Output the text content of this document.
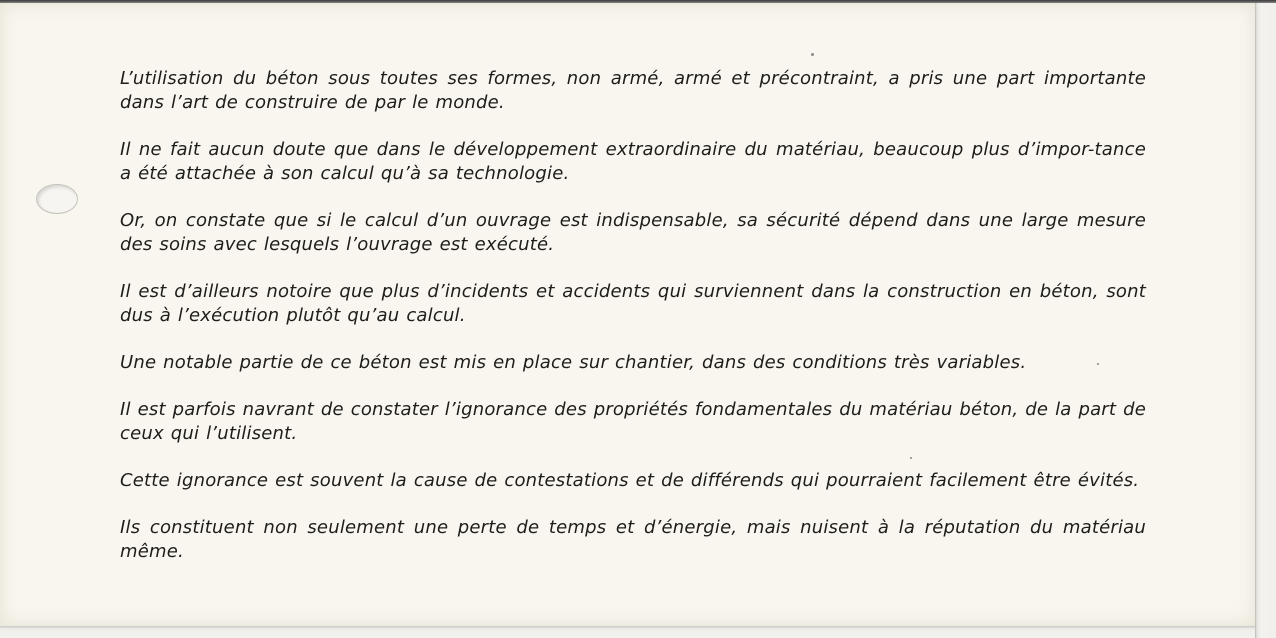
L’utilisation du béton sous toutes ses formes, non armé, armé et précontraint, a pris une part importante dans l’art de construire de par le monde.

Il ne fait aucun doute que dans le développement extraordinaire du matériau, beaucoup plus d’impor-tance a été attachée à son calcul qu’à sa technologie.

Or, on constate que si le calcul d’un ouvrage est indispensable, sa sécurité dépend dans une large mesure des soins avec lesquels l’ouvrage est exécuté.

Il est d’ailleurs notoire que plus d’incidents et accidents qui surviennent dans la construction en béton, sont dus à l’exécution plutôt qu’au calcul.

Une notable partie de ce béton est mis en place sur chantier, dans des conditions très variables.

Il est parfois navrant de constater l’ignorance des propriétés fondamentales du matériau béton, de la part de ceux qui l’utilisent.

Cette ignorance est souvent la cause de contestations et de différends qui pourraient facilement être évités.

Ils constituent non seulement une perte de temps et d’énergie, mais nuisent à la réputation du matériau même.
